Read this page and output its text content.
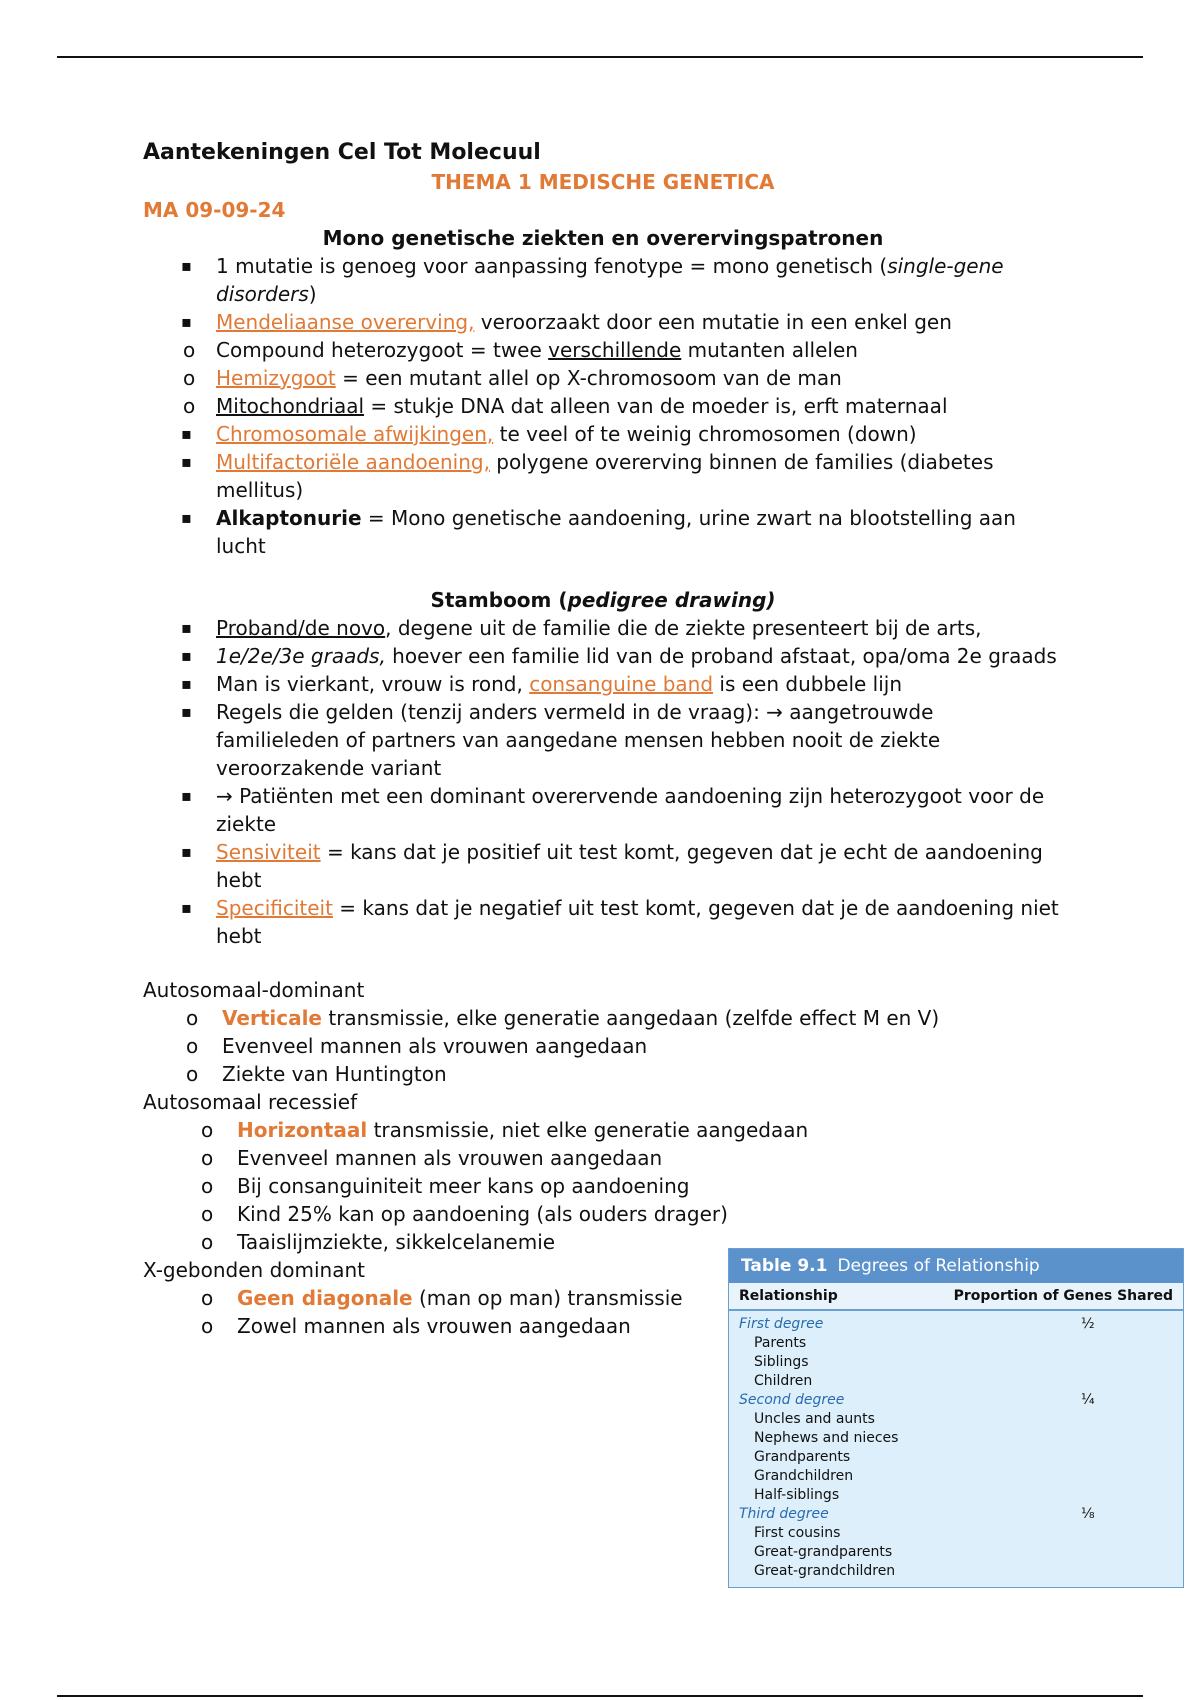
Aantekeningen Cel Tot Molecuul
THEMA 1 MEDISCHE GENETICA
MA 09-09-24
Mono genetische ziekten en overervingspatronen
▪ 1 mutatie is genoeg voor aanpassing fenotype = mono genetisch (single-gene disorders)
▪ Mendeliaanse overerving, veroorzaakt door een mutatie in een enkel gen
o Compound heterozygoot = twee verschillende mutanten allelen
o Hemizygoot = een mutant allel op X-chromosoom van de man
o Mitochondriaal = stukje DNA dat alleen van de moeder is, erft maternaal
▪ Chromosomale afwijkingen, te veel of te weinig chromosomen (down)
▪ Multifactoriële aandoening, polygene overerving binnen de families (diabetes mellitus)
▪ Alkaptonurie = Mono genetische aandoening, urine zwart na blootstelling aan lucht
Stamboom (pedigree drawing)
▪ Proband/de novo, degene uit de familie die de ziekte presenteert bij de arts,
▪ 1e/2e/3e graads, hoever een familie lid van de proband afstaat, opa/oma 2e graads
▪ Man is vierkant, vrouw is rond, consanguine band is een dubbele lijn
▪ Regels die gelden (tenzij anders vermeld in de vraag): → aangetrouwde familieleden of partners van aangedane mensen hebben nooit de ziekte veroorzakende variant
▪ → Patiënten met een dominant overervende aandoening zijn heterozygoot voor de ziekte
▪ Sensiviteit = kans dat je positief uit test komt, gegeven dat je echt de aandoening hebt
▪ Specificiteit = kans dat je negatief uit test komt, gegeven dat je de aandoening niet hebt
Autosomaal-dominant
o Verticale transmissie, elke generatie aangedaan (zelfde effect M en V)
o Evenveel mannen als vrouwen aangedaan
o Ziekte van Huntington
Autosomaal recessief
o Horizontaal transmissie, niet elke generatie aangedaan
o Evenveel mannen als vrouwen aangedaan
o Bij consanguiniteit meer kans op aandoening
o Kind 25% kan op aandoening (als ouders drager)
o Taaislijmziekte, sikkelcelanemie
X-gebonden dominant
o Geen diagonale (man op man) transmissie
o Zowel mannen als vrouwen aangedaan
Table 9.1 Degrees of Relationship
Relationship	Proportion of Genes Shared
First degree	½
Parents
Siblings
Children
Second degree	¼
Uncles and aunts
Nephews and nieces
Grandparents
Grandchildren
Half-siblings
Third degree	⅛
First cousins
Great-grandparents
Great-grandchildren
